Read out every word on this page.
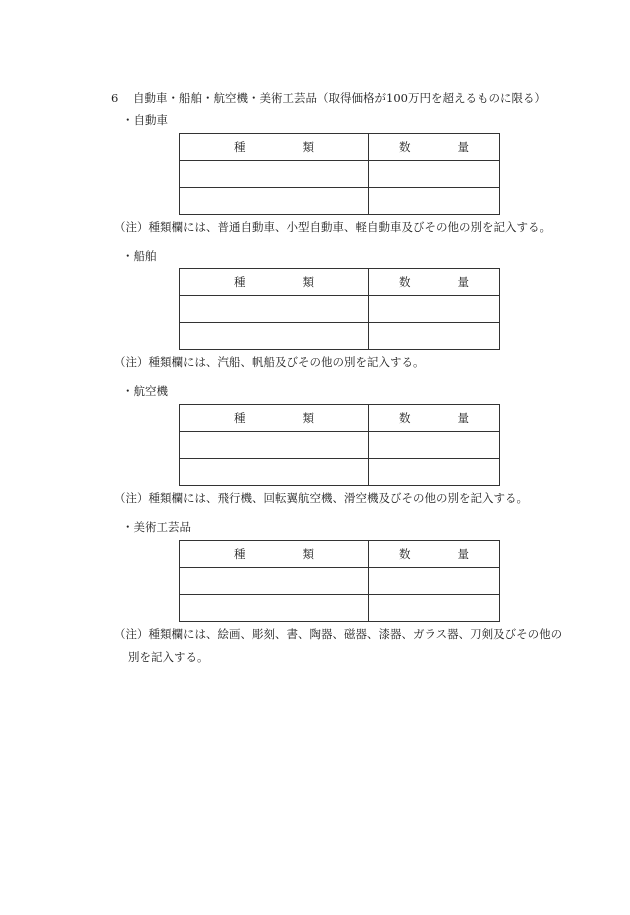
6 自動車・船舶・航空機・美術工芸品（取得価格が100万円を超えるものに限る）
・自動車
種 類	数 量

（注）種類欄には、普通自動車、小型自動車、軽自動車及びその他の別を記入する。
・船舶
種 類	数 量

（注）種類欄には、汽船、帆船及びその他の別を記入する。
・航空機
種 類	数 量

（注）種類欄には、飛行機、回転翼航空機、滑空機及びその他の別を記入する。
・美術工芸品
種 類	数 量

（注）種類欄には、絵画、彫刻、書、陶器、磁器、漆器、ガラス器、刀剣及びその他の
別を記入する。
